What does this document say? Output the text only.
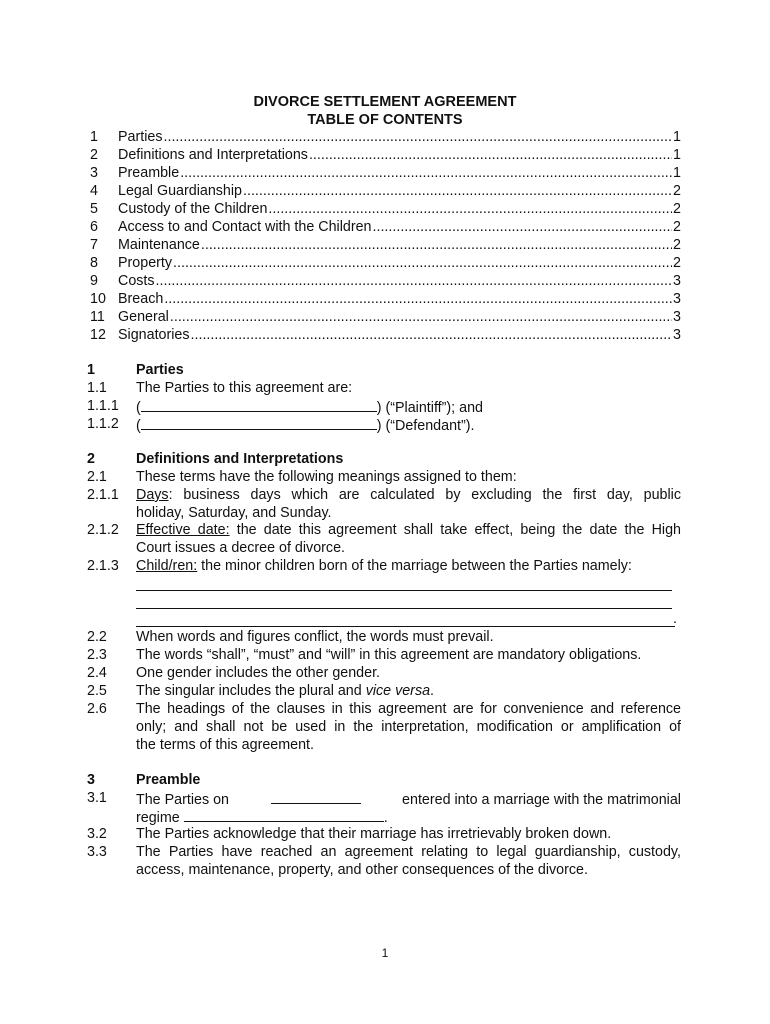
DIVORCE SETTLEMENT AGREEMENT
TABLE OF CONTENTS
1	Parties .....	1
2	Definitions and Interpretations .....	1
3	Preamble .....	1
4	Legal Guardianship .....	2
5	Custody of the Children .....	2
6	Access to and Contact with the Children .....	2
7	Maintenance .....	2
8	Property .....	2
9	Costs .....	3
10 Breach .....	3
11 General .....	3
12 Signatories .....	3
1	Parties
1.1 The Parties to this agreement are:
1.1.1 (	) (“Plaintiff”); and
1.1.2 (	) (“Defendant”).
2	Definitions and Interpretations
2.1 These terms have the following meanings assigned to them:
2.1.1 Days: business days which are calculated by excluding the first day, public
holiday, Saturday, and Sunday.
2.1.2 Effective date: the date this agreement shall take effect, being the date the High
Court issues a decree of divorce.
2.1.3 Child/ren: the minor children born of the marriage between the Parties namely:
.
2.2 When words and figures conflict, the words must prevail.
2.3 The words “shall”, “must” and “will” in this agreement are mandatory obligations.
2.4 One gender includes the other gender.
2.5 The singular includes the plural and vice versa.
2.6 The headings of the clauses in this agreement are for convenience and reference
only; and shall not be used in the interpretation, modification or amplification of
the terms of this agreement.
3	Preamble
3.1 The Parties on	entered into a marriage with the matrimonial
regime	.
3.2 The Parties acknowledge that their marriage has irretrievably broken down.
3.3 The Parties have reached an agreement relating to legal guardianship, custody,
access, maintenance, property, and other consequences of the divorce.
1
